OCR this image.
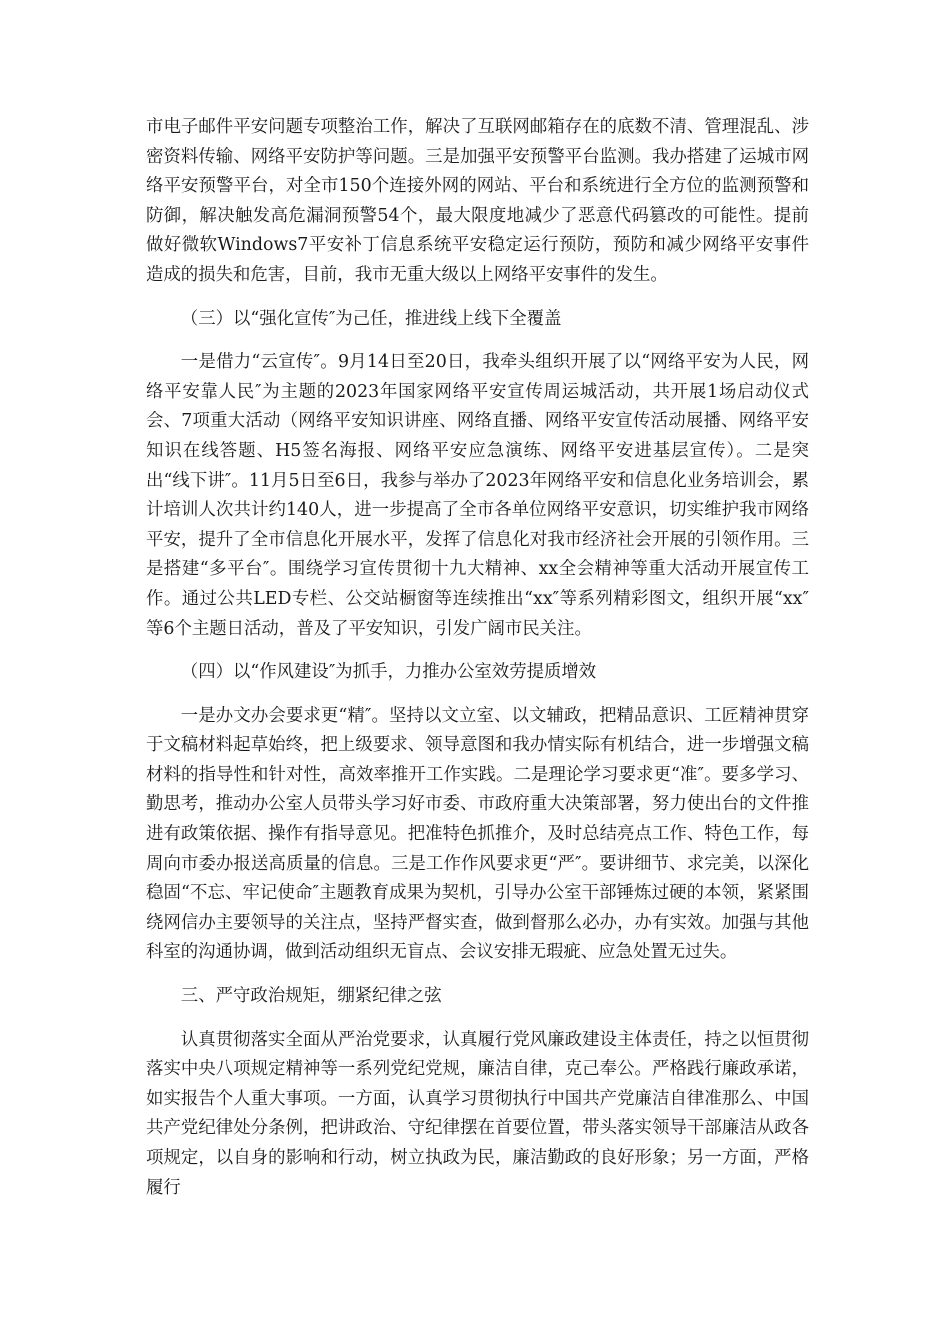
市电子邮件平安问题专项整治工作，解决了互联网邮箱存在的底数不清、管理混乱、涉密资料传输、网络平安防护等问题。三是加强平安预警平台监测。我办搭建了运城市网络平安预警平台，对全市150个连接外网的网站、平台和系统进行全方位的监测预警和防御，解决触发高危漏洞预警54个，最大限度地减少了恶意代码篡改的可能性。提前做好微软Windows7平安补丁信息系统平安稳定运行预防，预防和减少网络平安事件造成的损失和危害，目前，我市无重大级以上网络平安事件的发生。

（三）以“强化宣传″为己任，推进线上线下全覆盖

一是借力“云宣传″。9月14日至20日，我牵头组织开展了以“网络平安为人民，网络平安靠人民″为主题的2023年国家网络平安宣传周运城活动，共开展1场启动仪式会、7项重大活动（网络平安知识讲座、网络直播、网络平安宣传活动展播、网络平安知识在线答题、H5签名海报、网络平安应急演练、网络平安进基层宣传）。二是突出“线下讲″。11月5日至6日，我参与举办了2023年网络平安和信息化业务培训会，累计培训人次共计约140人，进一步提高了全市各单位网络平安意识，切实维护我市网络平安，提升了全市信息化开展水平，发挥了信息化对我市经济社会开展的引领作用。三是搭建“多平台″。围绕学习宣传贯彻十九大精神、xx全会精神等重大活动开展宣传工作。通过公共LED专栏、公交站橱窗等连续推出“xx″等系列精彩图文，组织开展“xx″等6个主题日活动，普及了平安知识，引发广阔市民关注。

（四）以“作风建设″为抓手，力推办公室效劳提质增效

一是办文办会要求更“精″。坚持以文立室、以文辅政，把精品意识、工匠精神贯穿于文稿材料起草始终，把上级要求、领导意图和我办情实际有机结合，进一步增强文稿材料的指导性和针对性，高效率推开工作实践。二是理论学习要求更“准″。要多学习、勤思考，推动办公室人员带头学习好市委、市政府重大决策部署，努力使出台的文件推进有政策依据、操作有指导意见。把准特色抓推介，及时总结亮点工作、特色工作，每周向市委办报送高质量的信息。三是工作作风要求更“严″。要讲细节、求完美，以深化稳固“不忘、牢记使命″主题教育成果为契机，引导办公室干部锤炼过硬的本领，紧紧围绕网信办主要领导的关注点，坚持严督实查，做到督那么必办，办有实效。加强与其他科室的沟通协调，做到活动组织无盲点、会议安排无瑕疵、应急处置无过失。

三、严守政治规矩，绷紧纪律之弦

认真贯彻落实全面从严治党要求，认真履行党风廉政建设主体责任，持之以恒贯彻落实中央八项规定精神等一系列党纪党规，廉洁自律，克己奉公。严格践行廉政承诺，如实报告个人重大事项。一方面，认真学习贯彻执行中国共产党廉洁自律准那么、中国共产党纪律处分条例，把讲政治、守纪律摆在首要位置，带头落实领导干部廉洁从政各项规定，以自身的影响和行动，树立执政为民，廉洁勤政的良好形象；另一方面，严格履行
